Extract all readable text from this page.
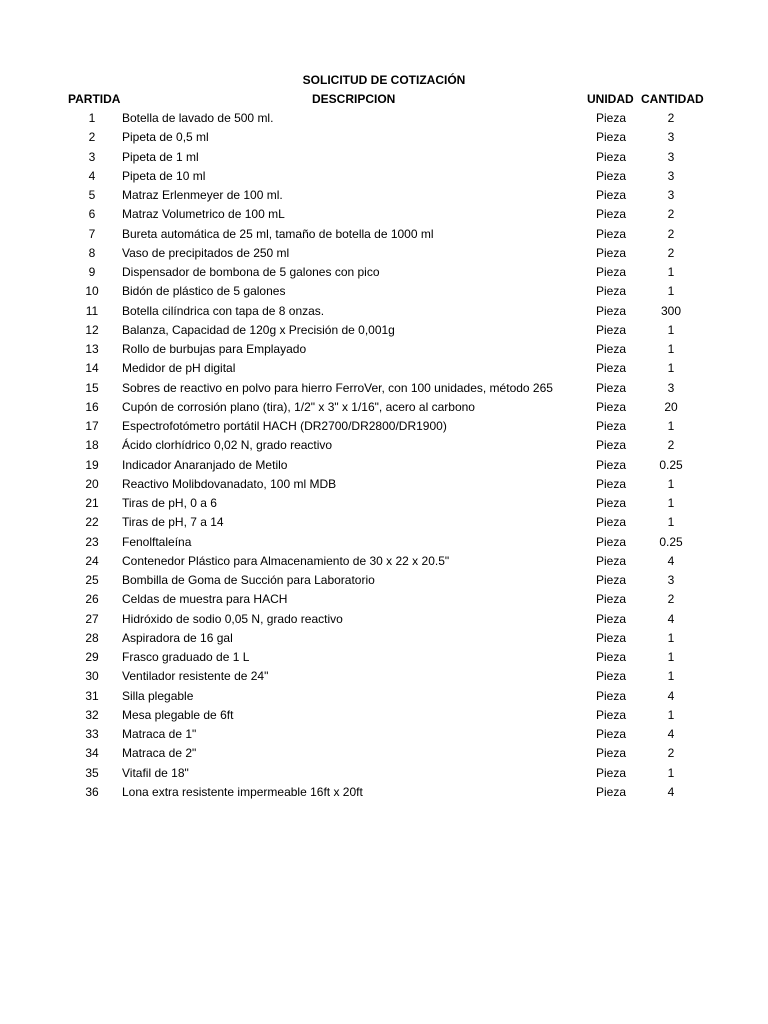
SOLICITUD DE COTIZACIÓN
PARTIDA	DESCRIPCION	UNIDAD CANTIDAD
1	Botella de lavado de 500 ml.	Pieza	2
2	Pipeta de 0,5 ml	Pieza	3
3	Pipeta de 1 ml	Pieza	3
4	Pipeta de 10 ml	Pieza	3
5	Matraz Erlenmeyer de 100 ml.	Pieza	3
6	Matraz Volumetrico de 100 mL	Pieza	2
7	Bureta automática de 25 ml, tamaño de botella de 1000 ml	Pieza	2
8	Vaso de precipitados de 250 ml	Pieza	2
9	Dispensador de bombona de 5 galones con pico	Pieza	1
10	Bidón de plástico de 5 galones	Pieza	1
11	Botella cilíndrica con tapa de 8 onzas.	Pieza	300
12	Balanza, Capacidad de 120g x Precisión de 0,001g	Pieza	1
13	Rollo de burbujas para Emplayado	Pieza	1
14	Medidor de pH digital	Pieza	1
15	Sobres de reactivo en polvo para hierro FerroVer, con 100 unidades, método 265	Pieza	3
16	Cupón de corrosión plano (tira), 1/2" x 3" x 1/16", acero al carbono	Pieza	20
17	Espectrofotómetro portátil HACH (DR2700/DR2800/DR1900)	Pieza	1
18	Ácido clorhídrico 0,02 N, grado reactivo	Pieza	2
19	Indicador Anaranjado de Metilo	Pieza	0.25
20	Reactivo Molibdovanadato, 100 ml MDB	Pieza	1
21	Tiras de pH, 0 a 6	Pieza	1
22	Tiras de pH, 7 a 14	Pieza	1
23	Fenolftaleína	Pieza	0.25
24	Contenedor Plástico para Almacenamiento de 30 x 22 x 20.5"	Pieza	4
25	Bombilla de Goma de Succión para Laboratorio	Pieza	3
26	Celdas de muestra para HACH	Pieza	2
27	Hidróxido de sodio 0,05 N, grado reactivo	Pieza	4
28	Aspiradora de 16 gal	Pieza	1
29	Frasco graduado de 1 L	Pieza	1
30	Ventilador resistente de 24"	Pieza	1
31	Silla plegable	Pieza	4
32	Mesa plegable de 6ft	Pieza	1
33	Matraca de 1"	Pieza	4
34	Matraca de 2"	Pieza	2
35	Vitafil de 18"	Pieza	1
36	Lona extra resistente impermeable 16ft x 20ft	Pieza	4
